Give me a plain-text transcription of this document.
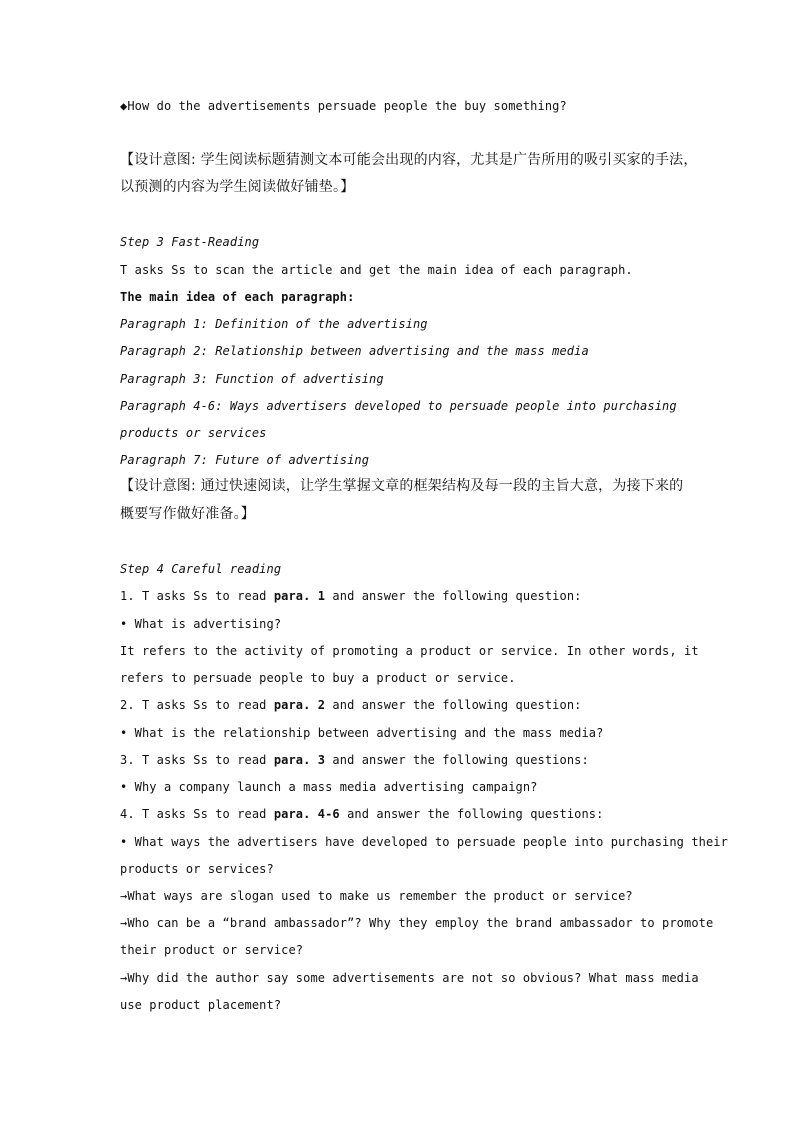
◆How do the advertisements persuade people the buy something?
【设计意图: 学生阅读标题猜测文本可能会出现的内容，尤其是广告所用的吸引买家的手法，
以预测的内容为学生阅读做好铺垫。】
Step 3 Fast-Reading
T asks Ss to scan the article and get the main idea of each paragraph.
The main idea of each paragraph:
Paragraph 1: Definition of the advertising
Paragraph 2: Relationship between advertising and the mass media
Paragraph 3: Function of advertising
Paragraph 4-6: Ways advertisers developed to persuade people into purchasing
products or services
Paragraph 7: Future of advertising
【设计意图: 通过快速阅读，让学生掌握文章的框架结构及每一段的主旨大意，为接下来的
概要写作做好准备。】
Step 4 Careful reading
1. T asks Ss to read para. 1 and answer the following question:
• What is advertising?
It refers to the activity of promoting a product or service. In other words, it
refers to persuade people to buy a product or service.
2. T asks Ss to read para. 2 and answer the following question:
• What is the relationship between advertising and the mass media?
3. T asks Ss to read para. 3 and answer the following questions:
• Why a company launch a mass media advertising campaign?
4. T asks Ss to read para. 4-6 and answer the following questions:
• What ways the advertisers have developed to persuade people into purchasing their
products or services?
→What ways are slogan used to make us remember the product or service?
→Who can be a “brand ambassador”? Why they employ the brand ambassador to promote
their product or service?
→Why did the author say some advertisements are not so obvious? What mass media
use product placement?
